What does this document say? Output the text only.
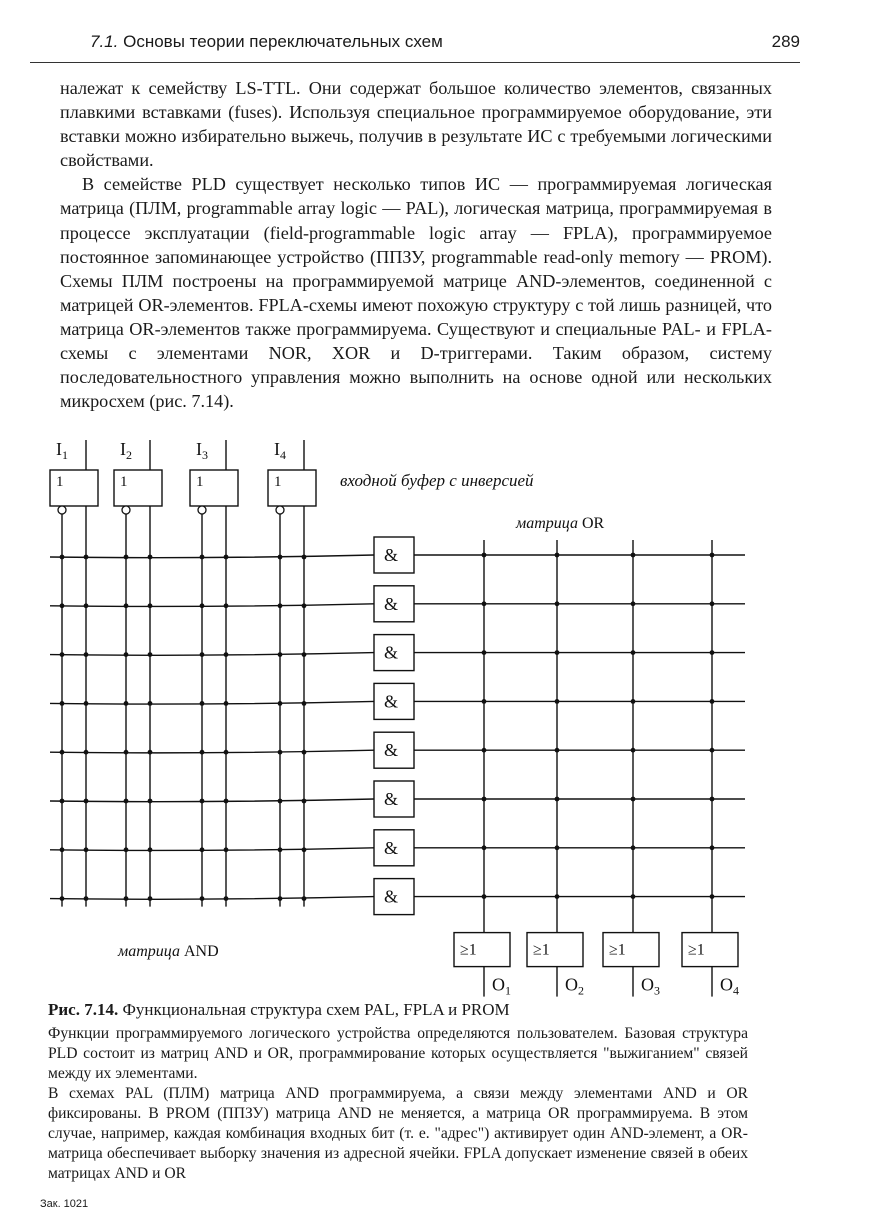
7.1. Основы теории переключательных схем	289

належат к семейству LS-TTL. Они содержат большое количество элементов, связанных плавкими вставками (fuses). Используя специальное программируемое оборудование, эти вставки можно избирательно выжечь, получив в результате ИС с требуемыми логическими свойствами.

В семействе PLD существует несколько типов ИС — программируемая логическая матрица (ПЛМ, programmable array logic — PAL), логическая матрица, программируемая в процессе эксплуатации (field-programmable logic array — FPLA), программируемое постоянное запоминающее устройство (ППЗУ, programmable read-only memory — PROM). Схемы ПЛМ построены на программируемой матрице AND-элементов, соединенной с матрицей OR-элементов. FPLA-схемы имеют похожую структуру с той лишь разницей, что матрица OR-элементов также программируема. Существуют и специальные PAL- и FPLA-схемы с элементами NOR, XOR и D-триггерами. Таким образом, систему последовательностного управления можно выполнить на основе одной или нескольких микросхем (рис. 7.14).

$I_1$
1
$I_2$
1
$I_3$
1
$I_4$
1	входной буфер с инверсией
&
&
&
&
&
&
&
&
матрица OR
≥1
$O_1$
≥1
$O_2$
≥1
$O_3$
≥1
$O_4$
матрица AND
Рис. 7.14. Функциональная структура схем PAL, FPLA и PROM

Функции программируемого логического устройства определяются пользователем. Базовая структура PLD состоит из матриц AND и OR, программирование которых осуществляется "выжиганием" связей между их элементами.

В схемах PAL (ПЛМ) матрица AND программируема, а связи между элементами AND и OR фиксированы. В PROM (ППЗУ) матрица AND не меняется, а матрица OR программируема. В этом случае, например, каждая комбинация входных бит (т. е. "адрес") активирует один AND-элемент, а OR-матрица обеспечивает выборку значения из адресной ячейки. FPLA допускает изменение связей в обеих матрицах AND и OR

Зак. 1021
